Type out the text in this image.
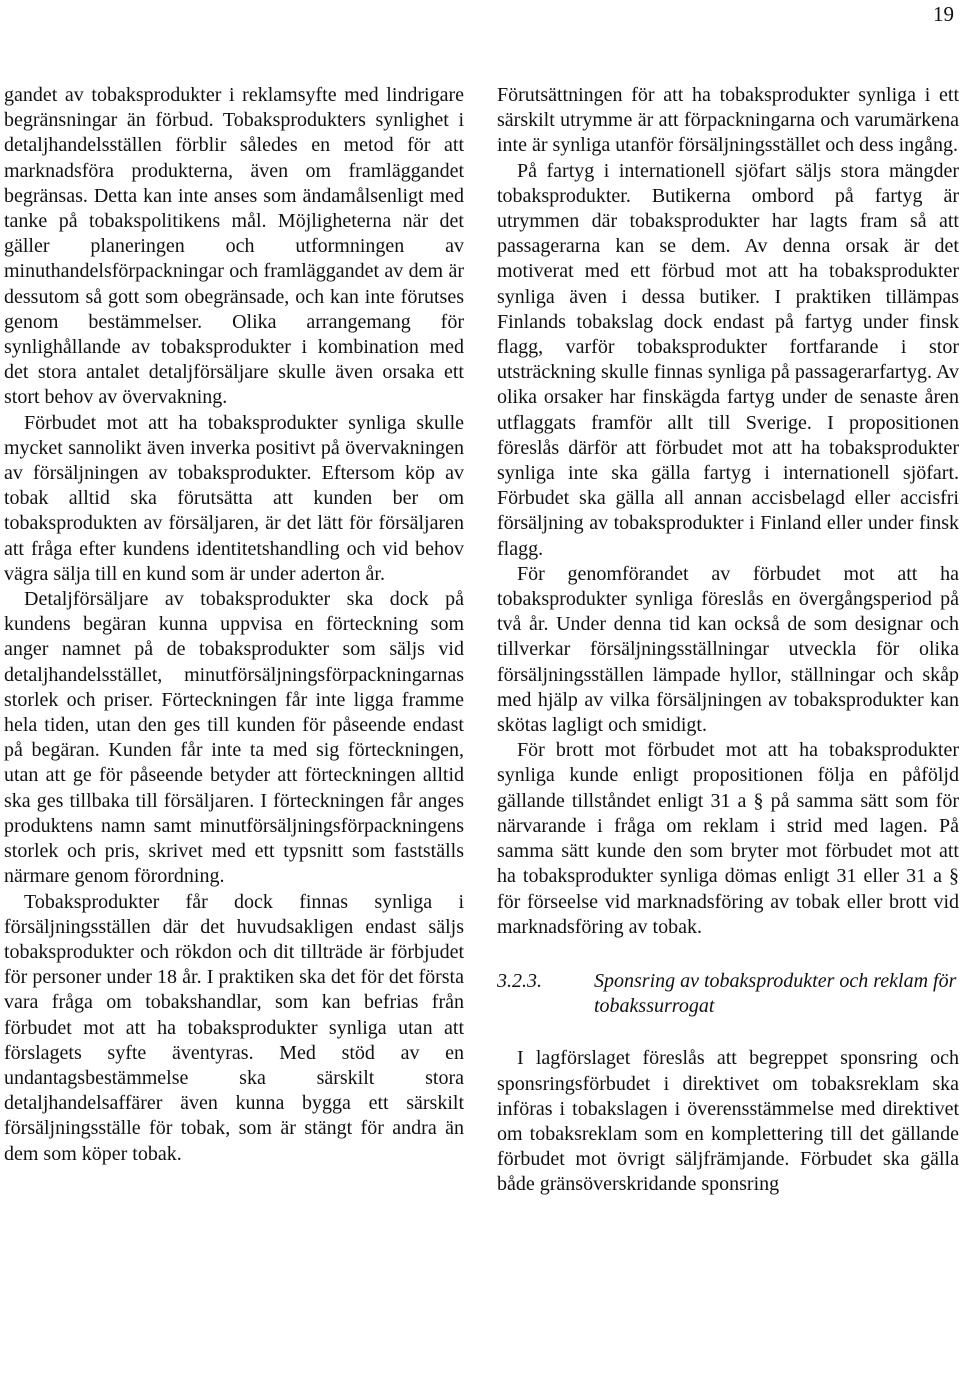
19

gandet av tobaksprodukter i reklamsyfte med lindrigare begränsningar än förbud. Tobaksprodukters synlighet i detaljhandelsställen förblir således en metod för att marknadsföra produkterna, även om framläggandet begränsas. Detta kan inte anses som ändamålsenligt med tanke på tobakspolitikens mål. Möjligheterna när det gäller planeringen och utformningen av minuthandelsförpackningar och framläggandet av dem är dessutom så gott som obegränsade, och kan inte förutses genom bestämmelser. Olika arrangemang för synlighållande av tobaksprodukter i kombination med det stora antalet detaljförsäljare skulle även orsaka ett stort behov av övervakning.

Förbudet mot att ha tobaksprodukter synliga skulle mycket sannolikt även inverka positivt på övervakningen av försäljningen av tobaksprodukter. Eftersom köp av tobak alltid ska förutsätta att kunden ber om tobaksprodukten av försäljaren, är det lätt för försäljaren att fråga efter kundens identitetshandling och vid behov vägra sälja till en kund som är under aderton år.

Detaljförsäljare av tobaksprodukter ska dock på kundens begäran kunna uppvisa en förteckning som anger namnet på de tobaksprodukter som säljs vid detaljhandelsstället, minutförsäljningsförpackningarnas storlek och priser. Förteckningen får inte ligga framme hela tiden, utan den ges till kunden för påseende endast på begäran. Kunden får inte ta med sig förteckningen, utan att ge för påseende betyder att förteckningen alltid ska ges tillbaka till försäljaren. I förteckningen får anges produktens namn samt minutförsäljningsförpackningens storlek och pris, skrivet med ett typsnitt som fastställs närmare genom förordning.

Tobaksprodukter får dock finnas synliga i försäljningsställen där det huvudsakligen endast säljs tobaksprodukter och rökdon och dit tillträde är förbjudet för personer under 18 år. I praktiken ska det för det första vara fråga om tobakshandlar, som kan befrias från förbudet mot att ha tobaksprodukter synliga utan att förslagets syfte äventyras. Med stöd av en undantagsbestämmelse ska särskilt stora detaljhandelsaffärer även kunna bygga ett särskilt försäljningsställe för tobak, som är stängt för andra än dem som köper tobak.

Förutsättningen för att ha tobaksprodukter synliga i ett särskilt utrymme är att förpackningarna och varumärkena inte är synliga utanför försäljningsstället och dess ingång.

På fartyg i internationell sjöfart säljs stora mängder tobaksprodukter. Butikerna ombord på fartyg är utrymmen där tobaksprodukter har lagts fram så att passagerarna kan se dem. Av denna orsak är det motiverat med ett förbud mot att ha tobaksprodukter synliga även i dessa butiker. I praktiken tillämpas Finlands tobakslag dock endast på fartyg under finsk flagg, varför tobaksprodukter fortfarande i stor utsträckning skulle finnas synliga på passagerarfartyg. Av olika orsaker har finskägda fartyg under de senaste åren utflaggats framför allt till Sverige. I propositionen föreslås därför att förbudet mot att ha tobaksprodukter synliga inte ska gälla fartyg i internationell sjöfart. Förbudet ska gälla all annan accisbelagd eller accisfri försäljning av tobaksprodukter i Finland eller under finsk flagg.

För genomförandet av förbudet mot att ha tobaksprodukter synliga föreslås en övergångsperiod på två år. Under denna tid kan också de som designar och tillverkar försäljningsställningar utveckla för olika försäljningsställen lämpade hyllor, ställningar och skåp med hjälp av vilka försäljningen av tobaksprodukter kan skötas lagligt och smidigt.

För brott mot förbudet mot att ha tobaksprodukter synliga kunde enligt propositionen följa en påföljd gällande tillståndet enligt 31 a § på samma sätt som för närvarande i fråga om reklam i strid med lagen. På samma sätt kunde den som bryter mot förbudet mot att ha tobaksprodukter synliga dömas enligt 31 eller 31 a § för förseelse vid marknadsföring av tobak eller brott vid marknadsföring av tobak.

3.2.3.	Sponsring av tobaksprodukter och reklam för tobakssurrogat

I lagförslaget föreslås att begreppet sponsring och sponsringsförbudet i direktivet om tobaksreklam ska införas i tobakslagen i överensstämmelse med direktivet om tobaksreklam som en komplettering till det gällande förbudet mot övrigt säljfrämjande. Förbudet ska gälla både gränsöverskridande sponsring
